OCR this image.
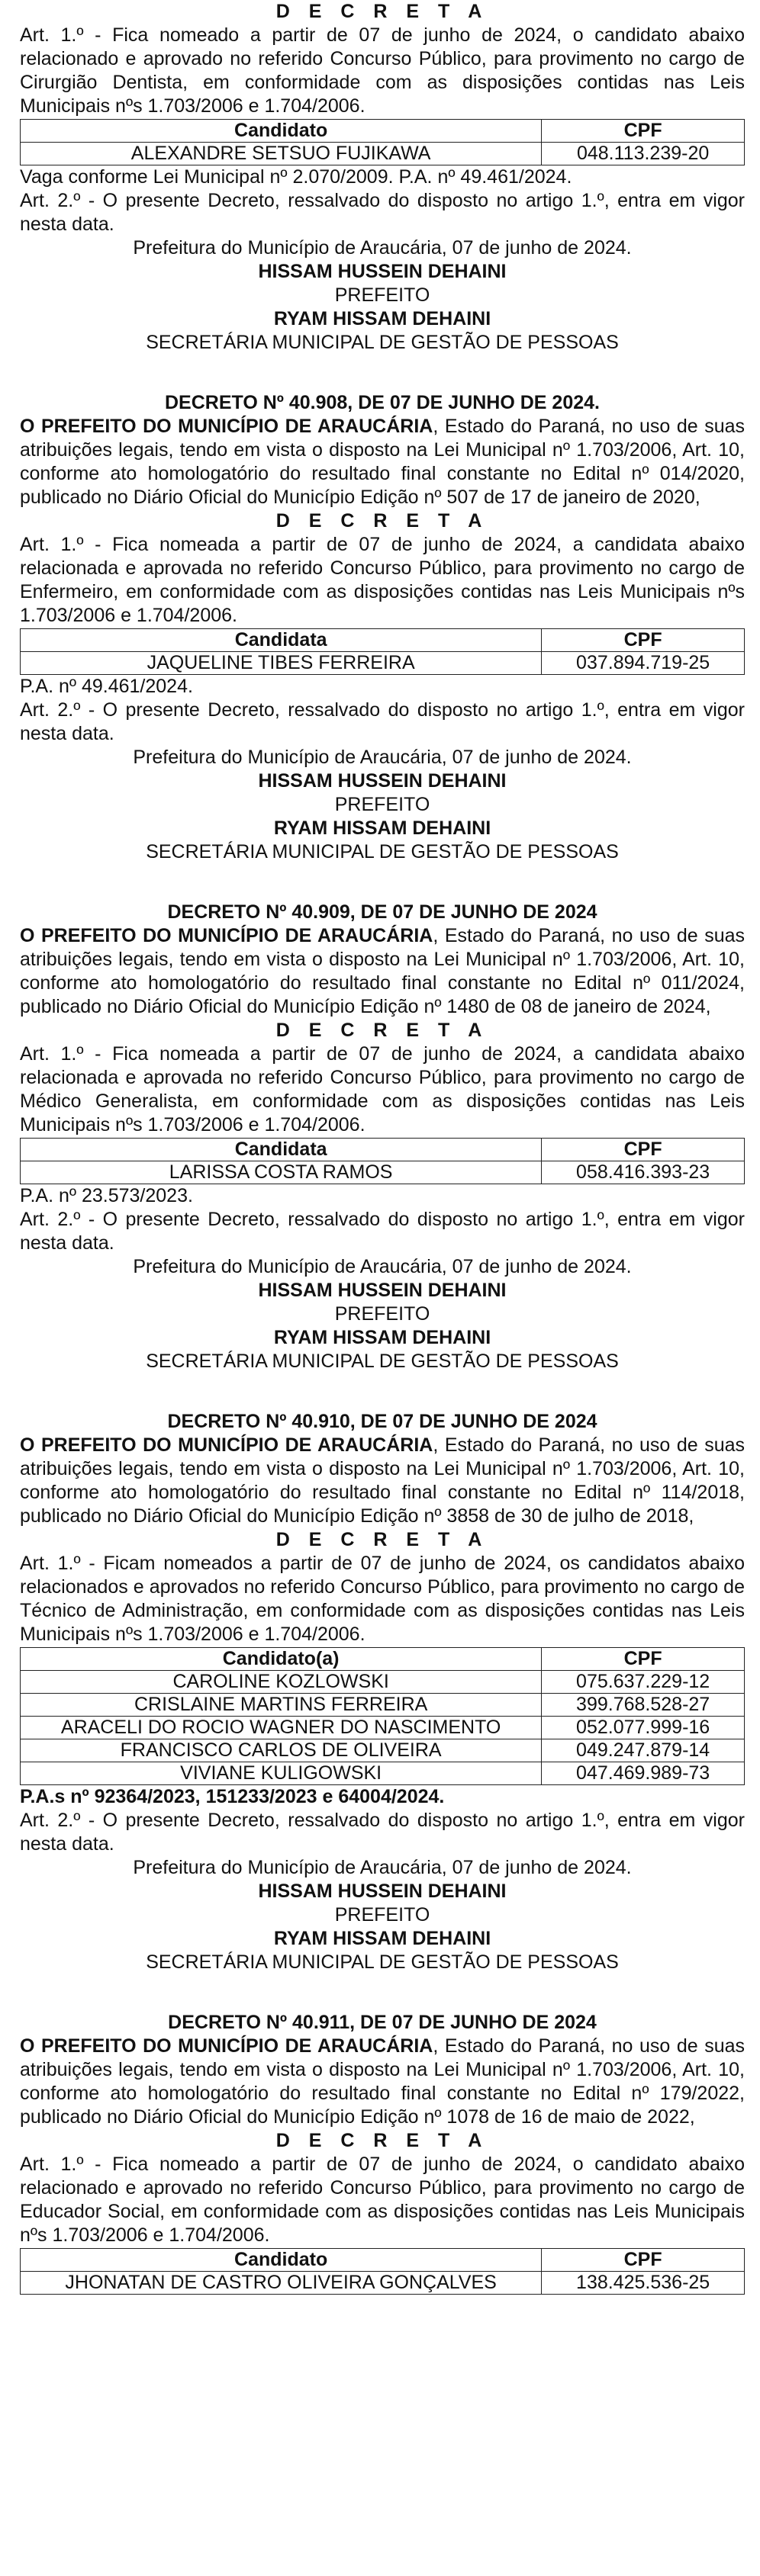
D E C R E T A
Art. 1.º - Fica nomeado a partir de 07 de junho de 2024, o candidato abaixo relacionado e aprovado no referido Concurso Público, para provimento no cargo de Cirurgião Dentista, em conformidade com as disposições contidas nas Leis Municipais nºs 1.703/2006 e 1.704/2006.
Candidato	CPF
ALEXANDRE SETSUO FUJIKAWA	048.113.239-20
Vaga conforme Lei Municipal nº 2.070/2009. P.A. nº 49.461/2024.
Art. 2.º - O presente Decreto, ressalvado do disposto no artigo 1.º, entra em vigor nesta data.
Prefeitura do Município de Araucária, 07 de junho de 2024.
HISSAM HUSSEIN DEHAINI
PREFEITO
RYAM HISSAM DEHAINI
SECRETÁRIA MUNICIPAL DE GESTÃO DE PESSOAS
DECRETO Nº 40.908, DE 07 DE JUNHO DE 2024.
O PREFEITO DO MUNICÍPIO DE ARAUCÁRIA, Estado do Paraná, no uso de suas atribuições legais, tendo em vista o disposto na Lei Municipal nº 1.703/2006, Art. 10, conforme ato homologatório do resultado final constante no Edital nº 014/2020, publicado no Diário Oficial do Município Edição nº 507 de 17 de janeiro de 2020,
D E C R E T A
Art. 1.º - Fica nomeada a partir de 07 de junho de 2024, a candidata abaixo relacionada e aprovada no referido Concurso Público, para provimento no cargo de Enfermeiro, em conformidade com as disposições contidas nas Leis Municipais nºs 1.703/2006 e 1.704/2006.
Candidata	CPF
JAQUELINE TIBES FERREIRA	037.894.719-25
P.A. nº 49.461/2024.
Art. 2.º - O presente Decreto, ressalvado do disposto no artigo 1.º, entra em vigor nesta data.
Prefeitura do Município de Araucária, 07 de junho de 2024.
HISSAM HUSSEIN DEHAINI
PREFEITO
RYAM HISSAM DEHAINI
SECRETÁRIA MUNICIPAL DE GESTÃO DE PESSOAS
DECRETO Nº 40.909, DE 07 DE JUNHO DE 2024
O PREFEITO DO MUNICÍPIO DE ARAUCÁRIA, Estado do Paraná, no uso de suas atribuições legais, tendo em vista o disposto na Lei Municipal nº 1.703/2006, Art. 10, conforme ato homologatório do resultado final constante no Edital nº 011/2024, publicado no Diário Oficial do Município Edição nº 1480 de 08 de janeiro de 2024,
D E C R E T A
Art. 1.º - Fica nomeada a partir de 07 de junho de 2024, a candidata abaixo relacionada e aprovada no referido Concurso Público, para provimento no cargo de Médico Generalista, em conformidade com as disposições contidas nas Leis Municipais nºs 1.703/2006 e 1.704/2006.
Candidata	CPF
LARISSA COSTA RAMOS	058.416.393-23
P.A. nº 23.573/2023.
Art. 2.º - O presente Decreto, ressalvado do disposto no artigo 1.º, entra em vigor nesta data.
Prefeitura do Município de Araucária, 07 de junho de 2024.
HISSAM HUSSEIN DEHAINI
PREFEITO
RYAM HISSAM DEHAINI
SECRETÁRIA MUNICIPAL DE GESTÃO DE PESSOAS
DECRETO Nº 40.910, DE 07 DE JUNHO DE 2024
O PREFEITO DO MUNICÍPIO DE ARAUCÁRIA, Estado do Paraná, no uso de suas atribuições legais, tendo em vista o disposto na Lei Municipal nº 1.703/2006, Art. 10, conforme ato homologatório do resultado final constante no Edital nº 114/2018, publicado no Diário Oficial do Município Edição nº 3858 de 30 de julho de 2018,
D E C R E T A
Art. 1.º - Ficam nomeados a partir de 07 de junho de 2024, os candidatos abaixo relacionados e aprovados no referido Concurso Público, para provimento no cargo de Técnico de Administração, em conformidade com as disposições contidas nas Leis Municipais nºs 1.703/2006 e 1.704/2006.
Candidato(a)	CPF
CAROLINE KOZLOWSKI	075.637.229-12
CRISLAINE MARTINS FERREIRA	399.768.528-27
ARACELI DO ROCIO WAGNER DO NASCIMENTO	052.077.999-16
FRANCISCO CARLOS DE OLIVEIRA	049.247.879-14
VIVIANE KULIGOWSKI	047.469.989-73
P.A.s nº 92364/2023, 151233/2023 e 64004/2024.
Art. 2.º - O presente Decreto, ressalvado do disposto no artigo 1.º, entra em vigor nesta data.
Prefeitura do Município de Araucária, 07 de junho de 2024.
HISSAM HUSSEIN DEHAINI
PREFEITO
RYAM HISSAM DEHAINI
SECRETÁRIA MUNICIPAL DE GESTÃO DE PESSOAS
DECRETO Nº 40.911, DE 07 DE JUNHO DE 2024
O PREFEITO DO MUNICÍPIO DE ARAUCÁRIA, Estado do Paraná, no uso de suas atribuições legais, tendo em vista o disposto na Lei Municipal nº 1.703/2006, Art. 10, conforme ato homologatório do resultado final constante no Edital nº 179/2022, publicado no Diário Oficial do Município Edição nº 1078 de 16 de maio de 2022,
D E C R E T A
Art. 1.º - Fica nomeado a partir de 07 de junho de 2024, o candidato abaixo relacionado e aprovado no referido Concurso Público, para provimento no cargo de Educador Social, em conformidade com as disposições contidas nas Leis Municipais nºs 1.703/2006 e 1.704/2006.
Candidato	CPF
JHONATAN DE CASTRO OLIVEIRA GONÇALVES	138.425.536-25
